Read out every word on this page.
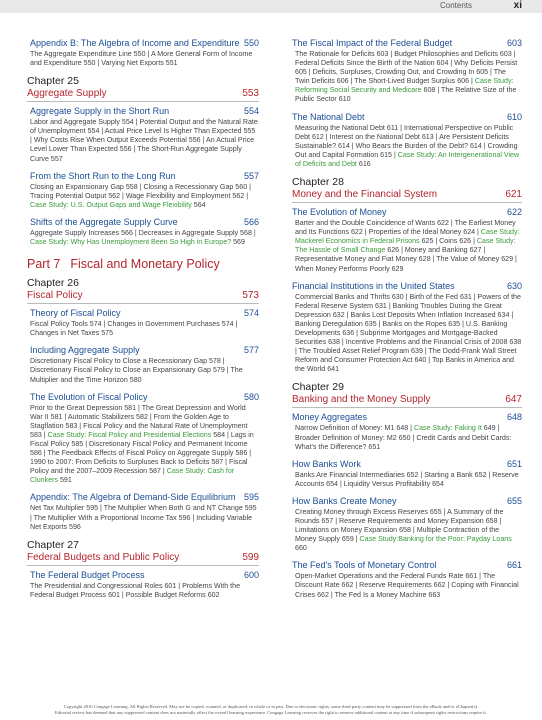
Contents	xi
Appendix B: The Algebra of Income and Expenditure 550
The Aggregate Expenditure Line 550 | A More General Form of Income and Expenditure 550 | Varying Net Exports 551
Chapter 25
Aggregate Supply	553
Aggregate Supply in the Short Run	554
Labor and Aggregate Supply 554 | Potential Output and the Natural Rate of Unemployment 554 | Actual Price Level Is Higher Than Expected 555 | Why Costs Rise When Output Exceeds Potential 556 | An Actual Price Level Lower Than Expected 556 | The Short-Run Aggregate Supply Curve 557
From the Short Run to the Long Run	557
Closing an Expansionary Gap 558 | Closing a Recessionary Gap 560 | Tracing Potential Output 562 | Wage Flexibility and Employment 562 | Case Study: U.S. Output Gaps and Wage Flexibility 564
Shifts of the Aggregate Supply Curve	566
Aggregate Supply Increases 566 | Decreases in Aggregate Supply 568 | Case Study: Why Has Unemployment Been So High in Europe? 569
Part 7 Fiscal and Monetary Policy
Chapter 26
Fiscal Policy	573
Theory of Fiscal Policy	574
Fiscal Policy Tools 574 | Changes in Government Purchases 574 | Changes in Net Taxes 575
Including Aggregate Supply	577
Discretionary Fiscal Policy to Close a Recessionary Gap 578 | Discretionary Fiscal Policy to Close an Expansionary Gap 579 | The Multiplier and the Time Horizon 580
The Evolution of Fiscal Policy	580
Prior to the Great Depression 581 | The Great Depression and World War II 581 | Automatic Stabilizers 582 | From the Golden Age to Stagflation 583 | Fiscal Policy and the Natural Rate of Unemployment 583 | Case Study: Fiscal Policy and Presidential Elections 584 | Lags in Fiscal Policy 585 | Discretionary Fiscal Policy and Permanent Income 586 | The Feedback Effects of Fiscal Policy on Aggregate Supply 586 | 1990 to 2007: From Deficits to Surpluses Back to Deficits 587 | Fiscal Policy and the 2007–2009 Recession 587 | Case Study: Cash for Clunkers 591
Appendix: The Algebra of Demand-Side Equilibrium 595
Net Tax Multiplier 595 | The Multiplier When Both G and NT Change 595 | The Multiplier With a Proportional Income Tax 596 | Including Variable Net Exports 596
Chapter 27
Federal Budgets and Public Policy	599
The Federal Budget Process	600
The Presidential and Congressional Roles 601 | Problems With the Federal Budget Process 601 | Possible Budget Reforms 602
The Fiscal Impact of the Federal Budget	603
The Rationale for Deficits 603 | Budget Philosophies and Deficits 603 | Federal Deficits Since the Birth of the Nation 604 | Why Deficits Persist 605 | Deficits, Surpluses, Crowding Out, and Crowding In 605 | The Twin Deficits 606 | The Short-Lived Budget Surplus 606 | Case Study: Reforming Social Security and Medicare 608 | The Relative Size of the Public Sector 610
The National Debt	610
Measuring the National Debt 611 | International Perspective on Public Debt 612 | Interest on the National Debt 613 | Are Persistent Deficits Sustainable? 614 | Who Bears the Burden of the Debt? 614 | Crowding Out and Capital Formation 615 | Case Study: An Intergenerational View of Deficits and Debt 616
Chapter 28
Money and the Financial System	621
The Evolution of Money	622
Barter and the Double Coincidence of Wants 622 | The Earliest Money and Its Functions 622 | Properties of the Ideal Money 624 | Case Study: Mackerel Economics in Federal Prisons 625 | Coins 626 | Case Study: The Hassle of Small Change 626 | Money and Banking 627 | Representative Money and Fiat Money 628 | The Value of Money 629 | When Money Performs Poorly 629
Financial Institutions in the United States	630
Commercial Banks and Thrifts 630 | Birth of the Fed 631 | Powers of the Federal Reserve System 631 | Banking Troubles During the Great Depression 632 | Banks Lost Deposits When Inflation Increased 634 | Banking Deregulation 635 | Banks on the Ropes 635 | U.S. Banking Developments 636 | Subprime Mortgages and Mortgage-Backed Securities 638 | Incentive Problems and the Financial Crisis of 2008 638 | The Troubled Asset Relief Program 639 | The Dodd-Frank Wall Street Reform and Consumer Protection Act 640 | Top Banks in America and the World 641
Chapter 29
Banking and the Money Supply	647
Money Aggregates	648
Narrow Definition of Money: M1 648 | Case Study: Faking It 649 | Broader Definition of Money: M2 650 | Credit Cards and Debit Cards: What's the Difference? 651
How Banks Work	651
Banks Are Financial Intermediaries 652 | Starting a Bank 652 | Reserve Accounts 654 | Liquidity Versus Profitability 654
How Banks Create Money	655
Creating Money through Excess Reserves 655 | A Summary of the Rounds 657 | Reserve Requirements and Money Expansion 658 | Limitations on Money Expansion 658 | Multiple Contraction of the Money Supply 659 | Case Study:Banking for the Poor: Payday Loans 660
The Fed's Tools of Monetary Control	661
Open-Market Operations and the Federal Funds Rate 661 | The Discount Rate 662 | Reserve Requirements 662 | Coping with Financial Crises 662 | The Fed Is a Money Machine 663
Copyright 2010 Cengage Learning. All Rights Reserved. May not be copied, scanned, or duplicated, in whole or in part. Due to electronic rights, some third party content may be suppressed from the eBook and/or eChapter(s).
Editorial review has deemed that any suppressed content does not materially affect the overall learning experience. Cengage Learning reserves the right to remove additional content at any time if subsequent rights restrictions require it.
